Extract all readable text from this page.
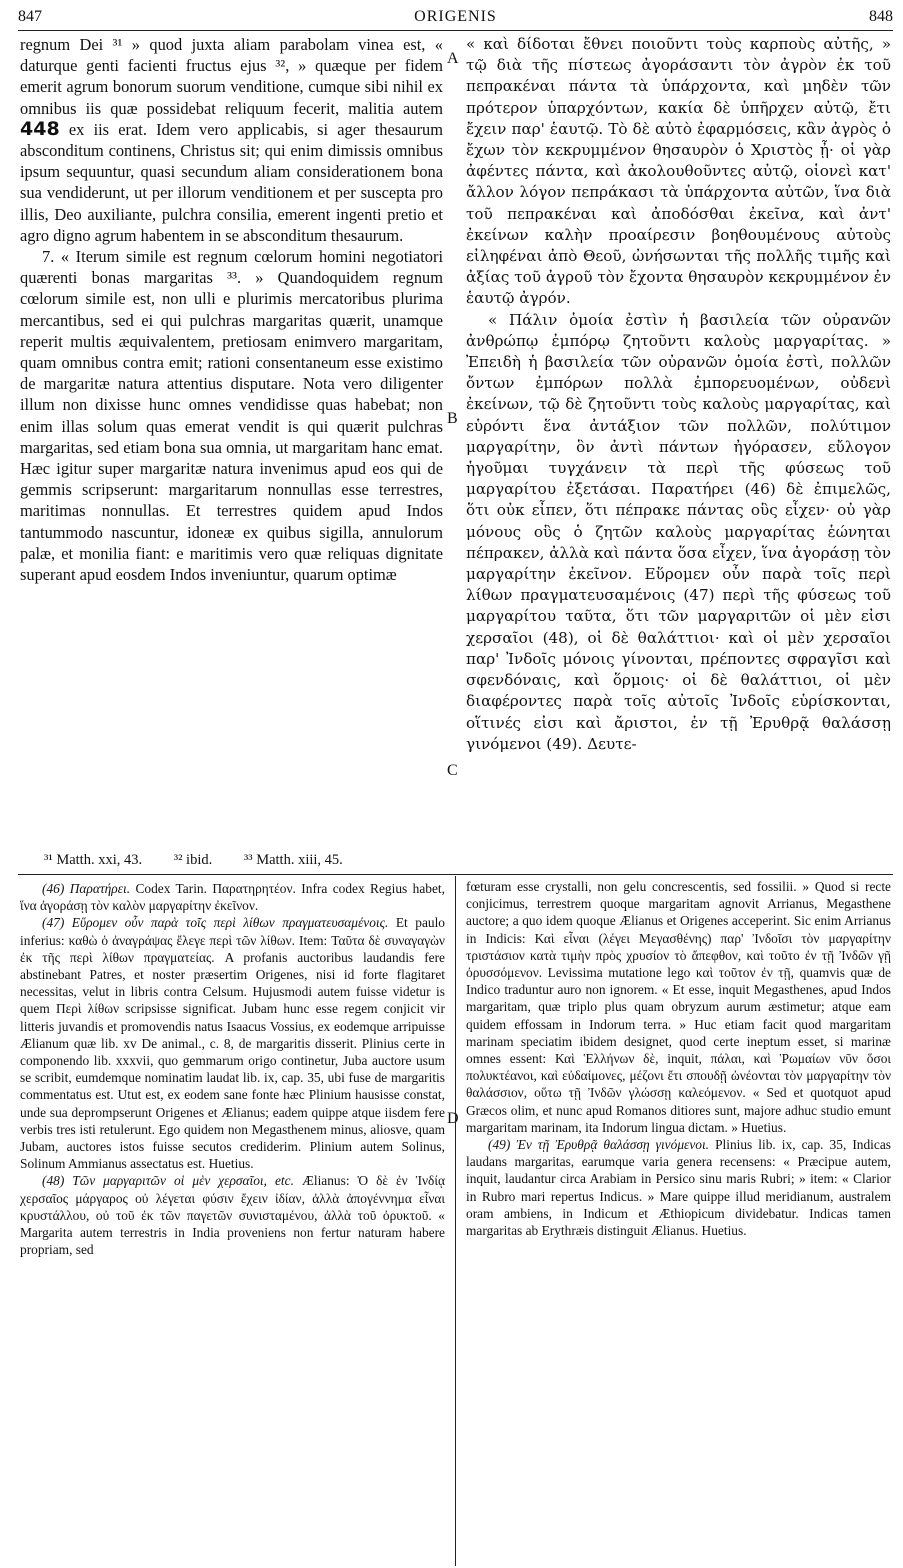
ORIGENIS
847	848

regnum Dei ³¹ » quod juxta aliam parabolam vinea est, « daturque genti facienti fructus ejus ³², » quæque per fidem emerit agrum bonorum suorum venditione, cumque sibi nihil ex omnibus iis quæ possidebat reliquum fecerit, malitia autem 448 ex iis erat. Idem vero applicabis, si ager thesaurum absconditum continens, Christus sit; qui enim dimissis omnibus ipsum sequuntur, quasi secundum aliam considerationem bona sua vendiderunt, ut per illorum venditionem et per suscepta pro illis, Deo auxiliante, pulchra consilia, emerent ingenti pretio et agro digno agrum habentem in se absconditum thesaurum.

7. « Iterum simile est regnum cœlorum homini negotiatori quærenti bonas margaritas ³³. » Quandoquidem regnum cœlorum simile est, non ulli e plurimis mercatoribus plurima mercantibus, sed ei qui pulchras margaritas quærit, unamque reperit multis æquivalentem, pretiosam enimvero margaritam, quam omnibus contra emit; rationi consentaneum esse existimo de margaritæ natura attentius disputare. Nota vero diligenter illum non dixisse hunc omnes vendidisse quas habebat; non enim illas solum quas emerat vendit is qui quærit pulchras margaritas, sed etiam bona sua omnia, ut margaritam hanc emat. Hæc igitur super margaritæ natura invenimus apud eos qui de gemmis scripserunt: margaritarum nonnullas esse terrestres, maritimas nonnullas. Et terrestres quidem apud Indos tantummodo nascuntur, idoneæ ex quibus sigilla, annulorum palæ, et monilia fiant: e maritimis vero quæ reliquas dignitate superant apud eosdem Indos inveniuntur, quarum optimæ

« καὶ δίδοται ἔθνει ποιοῦντι τοὺς καρποὺς αὐτῆς, » τῷ διὰ τῆς πίστεως ἀγοράσαντι τὸν ἀγρὸν ἐκ τοῦ πεπρακέναι πάντα τὰ ὑπάρχοντα, καὶ μηδὲν τῶν πρότερον ὑπαρχόντων, κακία δὲ ὑπῆρχεν αὐτῷ, ἔτι ἔχειν παρ' ἑαυτῷ. Τὸ δὲ αὐτὸ ἐφαρμόσεις, κἂν ἀγρὸς ὁ ἔχων τὸν κεκρυμμένον θησαυρὸν ὁ Χριστὸς ᾖ· οἱ γὰρ ἀφέντες πάντα, καὶ ἀκολουθοῦντες αὐτῷ, οἱονεὶ κατ' ἄλλον λόγον πεπράκασι τὰ ὑπάρχοντα αὐτῶν, ἵνα διὰ τοῦ πεπρακέναι καὶ ἀποδόσθαι ἐκεῖνα, καὶ ἀντ' ἐκείνων καλὴν προαίρεσιν βοηθουμένους αὐτοὺς εἰληφέναι ἀπὸ Θεοῦ, ὠνήσωνται τῆς πολλῆς τιμῆς καὶ ἀξίας τοῦ ἀγροῦ τὸν ἔχοντα θησαυρὸν κεκρυμμένον ἐν ἑαυτῷ ἀγρόν.

« Πάλιν ὁμοία ἐστὶν ἡ βασιλεία τῶν οὐρανῶν ἀνθρώπῳ ἐμπόρῳ ζητοῦντι καλοὺς μαργαρίτας. » Ἐπειδὴ ἡ βασιλεία τῶν οὐρανῶν ὁμοία ἐστὶ, πολλῶν ὄντων ἐμπόρων πολλὰ ἐμπορευομένων, οὐδενὶ ἐκείνων, τῷ δὲ ζητοῦντι τοὺς καλοὺς μαργαρίτας, καὶ εὑρόντι ἕνα ἀντάξιον τῶν πολλῶν, πολύτιμον μαργαρίτην, ὃν ἀντὶ πάντων ἠγόρασεν, εὔλογον ἡγοῦμαι τυγχάνειν τὰ περὶ τῆς φύσεως τοῦ μαργαρίτου ἐξετάσαι. Παρατήρει (46) δὲ ἐπιμελῶς, ὅτι οὐκ εἶπεν, ὅτι πέπρακε πάντας οὓς εἶχεν· οὐ γὰρ μόνους οὓς ὁ ζητῶν καλοὺς μαργαρίτας ἑώνηται πέπρακεν, ἀλλὰ καὶ πάντα ὅσα εἶχεν, ἵνα ἀγοράσῃ τὸν μαργαρίτην ἐκεῖνον. Εὕρομεν οὖν παρὰ τοῖς περὶ λίθων πραγματευσαμένοις (47) περὶ τῆς φύσεως τοῦ μαργαρίτου ταῦτα, ὅτι τῶν μαργαριτῶν οἱ μὲν εἰσι χερσαῖοι (48), οἱ δὲ θαλάττιοι· καὶ οἱ μὲν χερσαῖοι παρ' Ἰνδοῖς μόνοις γίνονται, πρέποντες σφραγῖσι καὶ σφενδόναις, καὶ ὅρμοις· οἱ δὲ θαλάττιοι, οἱ μὲν διαφέροντες παρὰ τοῖς αὐτοῖς Ἰνδοῖς εὑρίσκονται, οἵτινές εἰσι καὶ ἄριστοι, ἐν τῇ Ἐρυθρᾷ θαλάσσῃ γινόμενοι (49). Δευτε-

A
B
C
D
³¹ Matth. xxi, 43. ³² ibid. ³³ Matth. xiii, 45.

(46) Παρατήρει. Codex Tarin. Παρατηρητέον. Infra codex Regius habet, ἵνα ἀγοράσῃ τὸν καλὸν μαργαρίτην ἐκεῖνον.

(47) Εὕρομεν οὖν παρὰ τοῖς περὶ λίθων πραγματευσαμένοις. Et paulo inferius: καθὼ ὁ ἀναγράψας ἔλεγε περὶ τῶν λίθων. Item: Ταῦτα δὲ συναγαγὼν ἐκ τῆς περὶ λίθων πραγματείας. A profanis auctoribus laudandis fere abstinebant Patres, et noster præsertim Origenes, nisi id forte flagitaret necessitas, velut in libris contra Celsum. Hujusmodi autem fuisse videtur is quem Περὶ λίθων scripsisse significat. Jubam hunc esse regem conjicit vir litteris juvandis et promovendis natus Isaacus Vossius, ex eodemque arripuisse Ælianum quæ lib. xv De animal., c. 8, de margaritis disserit. Plinius certe in componendo lib. xxxvii, quo gemmarum origo continetur, Juba auctore usum se scribit, eumdemque nominatim laudat lib. ix, cap. 35, ubi fuse de margaritis commentatus est. Utut est, ex eodem sane fonte hæc Plinium hausisse constat, unde sua deprompserunt Origenes et Ælianus; eadem quippe atque iisdem fere verbis tres isti retulerunt. Ego quidem non Megasthenem minus, aliosve, quam Jubam, auctores istos fuisse secutos crediderim. Plinium autem Solinus, Solinum Ammianus assectatus est. Huetius.

(48) Τῶν μαργαριτῶν οἱ μὲν χερσαῖοι, etc. Ælianus: Ὁ δὲ ἐν Ἰνδίᾳ χερσαῖος μάργαρος οὐ λέγεται φύσιν ἔχειν ἰδίαν, ἀλλὰ ἀπογέννημα εἶναι κρυστάλλου, οὐ τοῦ ἐκ τῶν παγετῶν συνισταμένου, ἀλλὰ τοῦ ὀρυκτοῦ. « Margarita autem terrestris in India proveniens non fertur naturam habere propriam, sed

fœturam esse crystalli, non gelu concrescentis, sed fossilii. » Quod si recte conjicimus, terrestrem quoque margaritam agnovit Arrianus, Megasthene auctore; a quo idem quoque Ælianus et Origenes acceperint. Sic enim Arrianus in Indicis: Καὶ εἶναι (λέγει Μεγασθένης) παρ' Ἰνδοῖσι τὸν μαργαρίτην τριστάσιον κατὰ τιμὴν πρὸς χρυσίον τὸ ἄπεφθον, καὶ τοῦτο ἐν τῇ Ἰνδῶν γῇ ὀρυσσόμενον. Levissima mutatione lego καὶ τοῦτον ἐν τῇ, quamvis quæ de Indico traduntur auro non ignorem. « Et esse, inquit Megasthenes, apud Indos margaritam, quæ triplo plus quam obryzum aurum æstimetur; atque eam quidem effossam in Indorum terra. » Huc etiam facit quod margaritam marinam speciatim ibidem designet, quod certe ineptum esset, si marinæ omnes essent: Καὶ Ἑλλήνων δὲ, inquit, πάλαι, καὶ Ῥωμαίων νῦν ὅσοι πολυκτέανοι, καὶ εὐδαίμονες, μέζονι ἔτι σπουδῇ ὠνέονται τὸν μαργαρίτην τὸν θαλάσσιον, οὕτω τῇ Ἰνδῶν γλώσσῃ καλεόμενον. « Sed et quotquot apud Græcos olim, et nunc apud Romanos ditiores sunt, majore adhuc studio emunt margaritam marinam, ita Indorum lingua dictam. » Huetius.

(49) Ἐν τῇ Ἐρυθρᾷ θαλάσσῃ γινόμενοι. Plinius lib. ix, cap. 35, Indicas laudans margaritas, earumque varia genera recensens: « Præcipue autem, inquit, laudantur circa Arabiam in Persico sinu maris Rubri; » item: « Clarior in Rubro mari repertus Indicus. » Mare quippe illud meridianum, australem oram ambiens, in Indicum et Æthiopicum dividebatur. Indicas tamen margaritas ab Erythræis distinguit Ælianus. Huetius.
